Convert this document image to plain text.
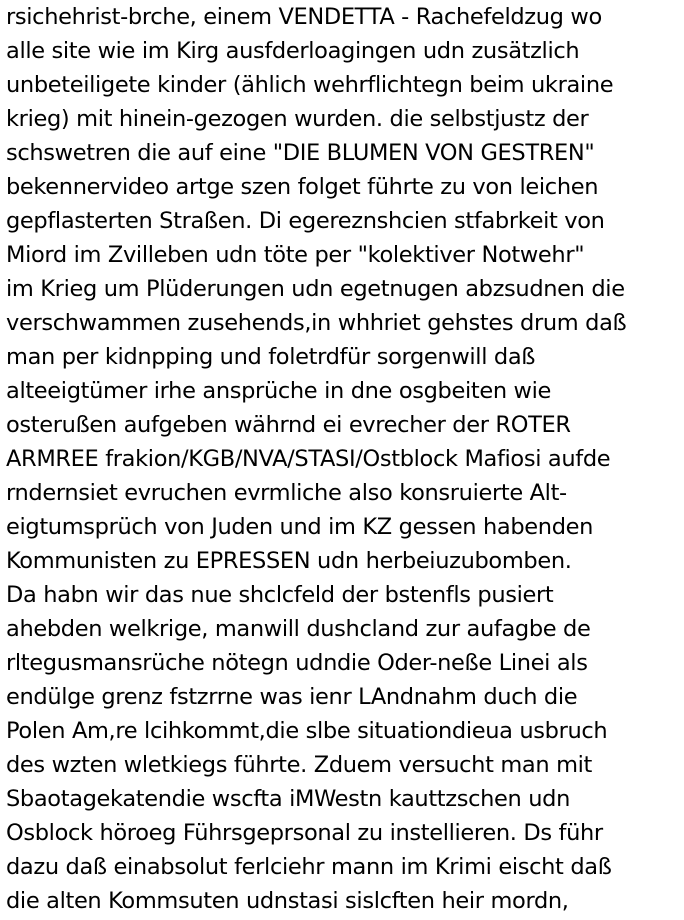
rsichehrist-brche, einem VENDETTA - Rachefeldzug wo
alle site wie im Kirg ausfderloagingen udn zusätzlich
unbeteiligete kinder (ählich wehrflichtegn beim ukraine
krieg) mit hinein-gezogen wurden. die selbstjustz der
schswetren die auf eine "DIE BLUMEN VON GESTREN"
bekennervideo artge szen folget führte zu von leichen
gepflasterten Straßen. Di egereznshcien stfabrkeit von
Miord im Zvilleben udn töte per "kolektiver Notwehr"
im Krieg um Plüderungen udn egetnugen abzsudnen die
verschwammen zusehends,in whhriet gehstes drum daß
man per kidnpping und foletrdfür sorgenwill daß
alteeigtümer irhe ansprüche in dne osgbeiten wie
osterußen aufgeben währnd ei evrecher der ROTER
ARMREE frakion/KGB/NVA/STASI/Ostblock Mafiosi aufde
rndernsiet evruchen evrmliche also konsruierte Alt-
eigtumsprüch von Juden und im KZ gessen habenden
Kommunisten zu EPRESSEN udn herbeiuzubomben.
Da habn wir das nue shclcfeld der bstenfls pusiert
ahebden welkrige, manwill dushcland zur aufagbe de
rltegusmansrüche nötegn udndie Oder-neße Linei als
endülge grenz fstzrrne was ienr LAndnahm duch die
Polen Am,re lcihkommt,die slbe situationdieua usbruch
des wzten wletkiegs führte. Zduem versucht man mit
Sbaotagekatendie wscfta iMWestn kauttzschen udn
Osblock höroeg Führsgeprsonal zu instellieren. Ds führ
dazu daß einabsolut ferlciehr mann im Krimi eischt daß
die alten Kommsuten udnstasi sislcften heir mordn,
